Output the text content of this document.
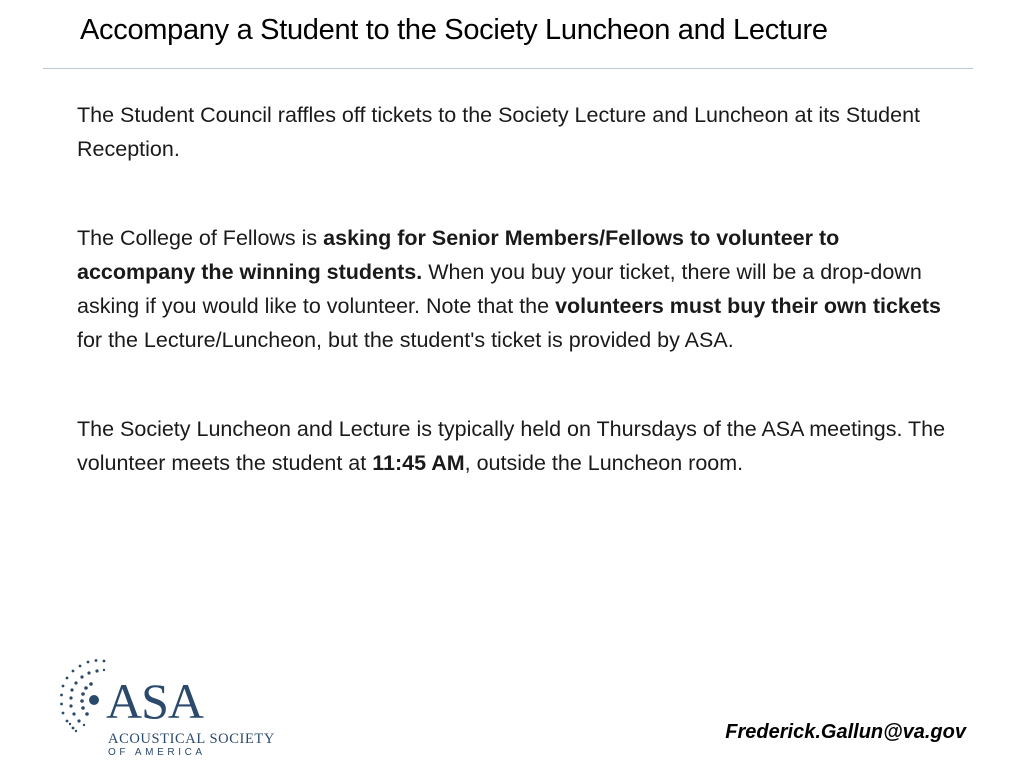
Accompany a Student to the Society Luncheon and Lecture

The Student Council raffles off tickets to the Society Lecture and Luncheon at its Student Reception.

The College of Fellows is asking for Senior Members/Fellows to volunteer to accompany the winning students. When you buy your ticket, there will be a drop-down asking if you would like to volunteer. Note that the volunteers must buy their own tickets for the Lecture/Luncheon, but the student's ticket is provided by ASA.

The Society Luncheon and Lecture is typically held on Thursdays of the ASA meetings. The volunteer meets the student at 11:45 AM, outside the Luncheon room.

ASA
ACOUSTICAL SOCIETY
OF AMERICA
Frederick.Gallun@va.gov
